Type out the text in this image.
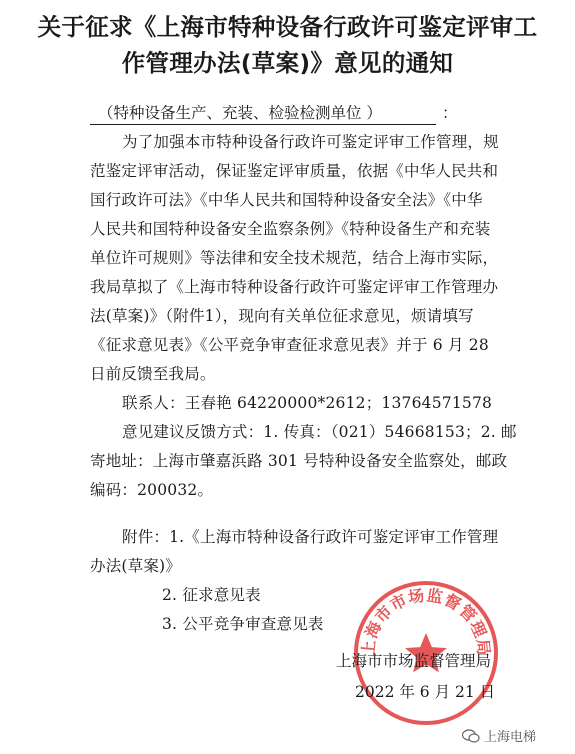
关于征求《上海市特种设备行政许可鉴定评审工
作管理办法(草案)》意见的通知
（特种设备生产、充装、检验检测单位 ）	：
为了加强本市特种设备行政许可鉴定评审工作管理，规
范鉴定评审活动，保证鉴定评审质量，依据《中华人民共和
国行政许可法》《中华人民共和国特种设备安全法》《中华
人民共和国特种设备安全监察条例》《特种设备生产和充装
单位许可规则》等法律和安全技术规范，结合上海市实际，
我局草拟了《上海市特种设备行政许可鉴定评审工作管理办
法(草案)》（附件1），现向有关单位征求意见，烦请填写
《征求意见表》《公平竞争审查征求意见表》并于 6 月 28
日前反馈至我局。
联系人：王春艳 64220000*2612；13764571578
意见建议反馈方式：1. 传真：（021）54668153；2. 邮
寄地址：上海市肇嘉浜路 301 号特种设备安全监察处，邮政
编码：200032。
附件：1.《上海市特种设备行政许可鉴定评审工作管理
办法(草案)》
2. 征求意见表
3. 公平竞争审查意见表
上海市市场监督管理局
上海市市场监督管理局
2022 年 6 月 21 日
上海电梯
